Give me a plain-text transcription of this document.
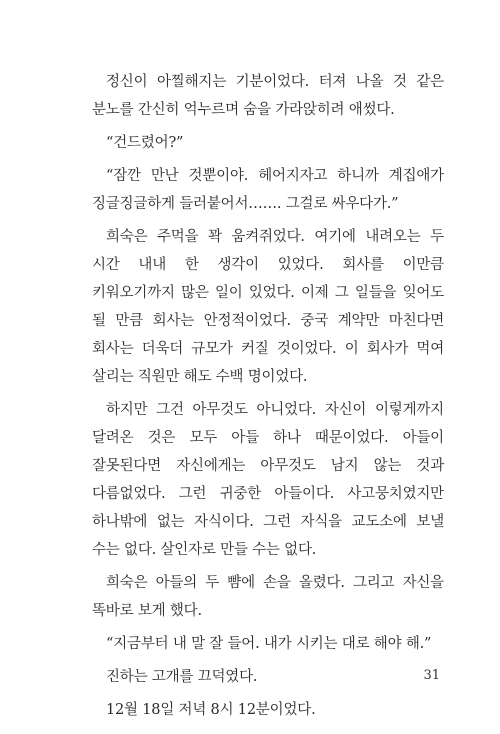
정신이 아찔해지는 기분이었다. 터져 나올 것 같은 분노를 간신히 억누르며 숨을 가라앉히려 애썼다.

“건드렸어?”

“잠깐 만난 것뿐이야. 헤어지자고 하니까 계집애가 징글징글하게 들러붙어서……. 그걸로 싸우다가.”

희숙은 주먹을 꽉 움켜쥐었다. 여기에 내려오는 두 시간 내내 한 생각이 있었다. 회사를 이만큼 키워오기까지 많은 일이 있었다. 이제 그 일들을 잊어도 될 만큼 회사는 안정적이었다. 중국 계약만 마친다면 회사는 더욱더 규모가 커질 것이었다. 이 회사가 먹여 살리는 직원만 해도 수백 명이었다.

하지만 그건 아무것도 아니었다. 자신이 이렇게까지 달려온 것은 모두 아들 하나 때문이었다. 아들이 잘못된다면 자신에게는 아무것도 남지 않는 것과 다름없었다. 그런 귀중한 아들이다. 사고뭉치였지만 하나밖에 없는 자식이다. 그런 자식을 교도소에 보낼 수는 없다. 살인자로 만들 수는 없다.

희숙은 아들의 두 뺨에 손을 올렸다. 그리고 자신을 똑바로 보게 했다.

“지금부터 내 말 잘 들어. 내가 시키는 대로 해야 해.”

진하는 고개를 끄덕였다.

12월 18일 저녁 8시 12분이었다.

31
